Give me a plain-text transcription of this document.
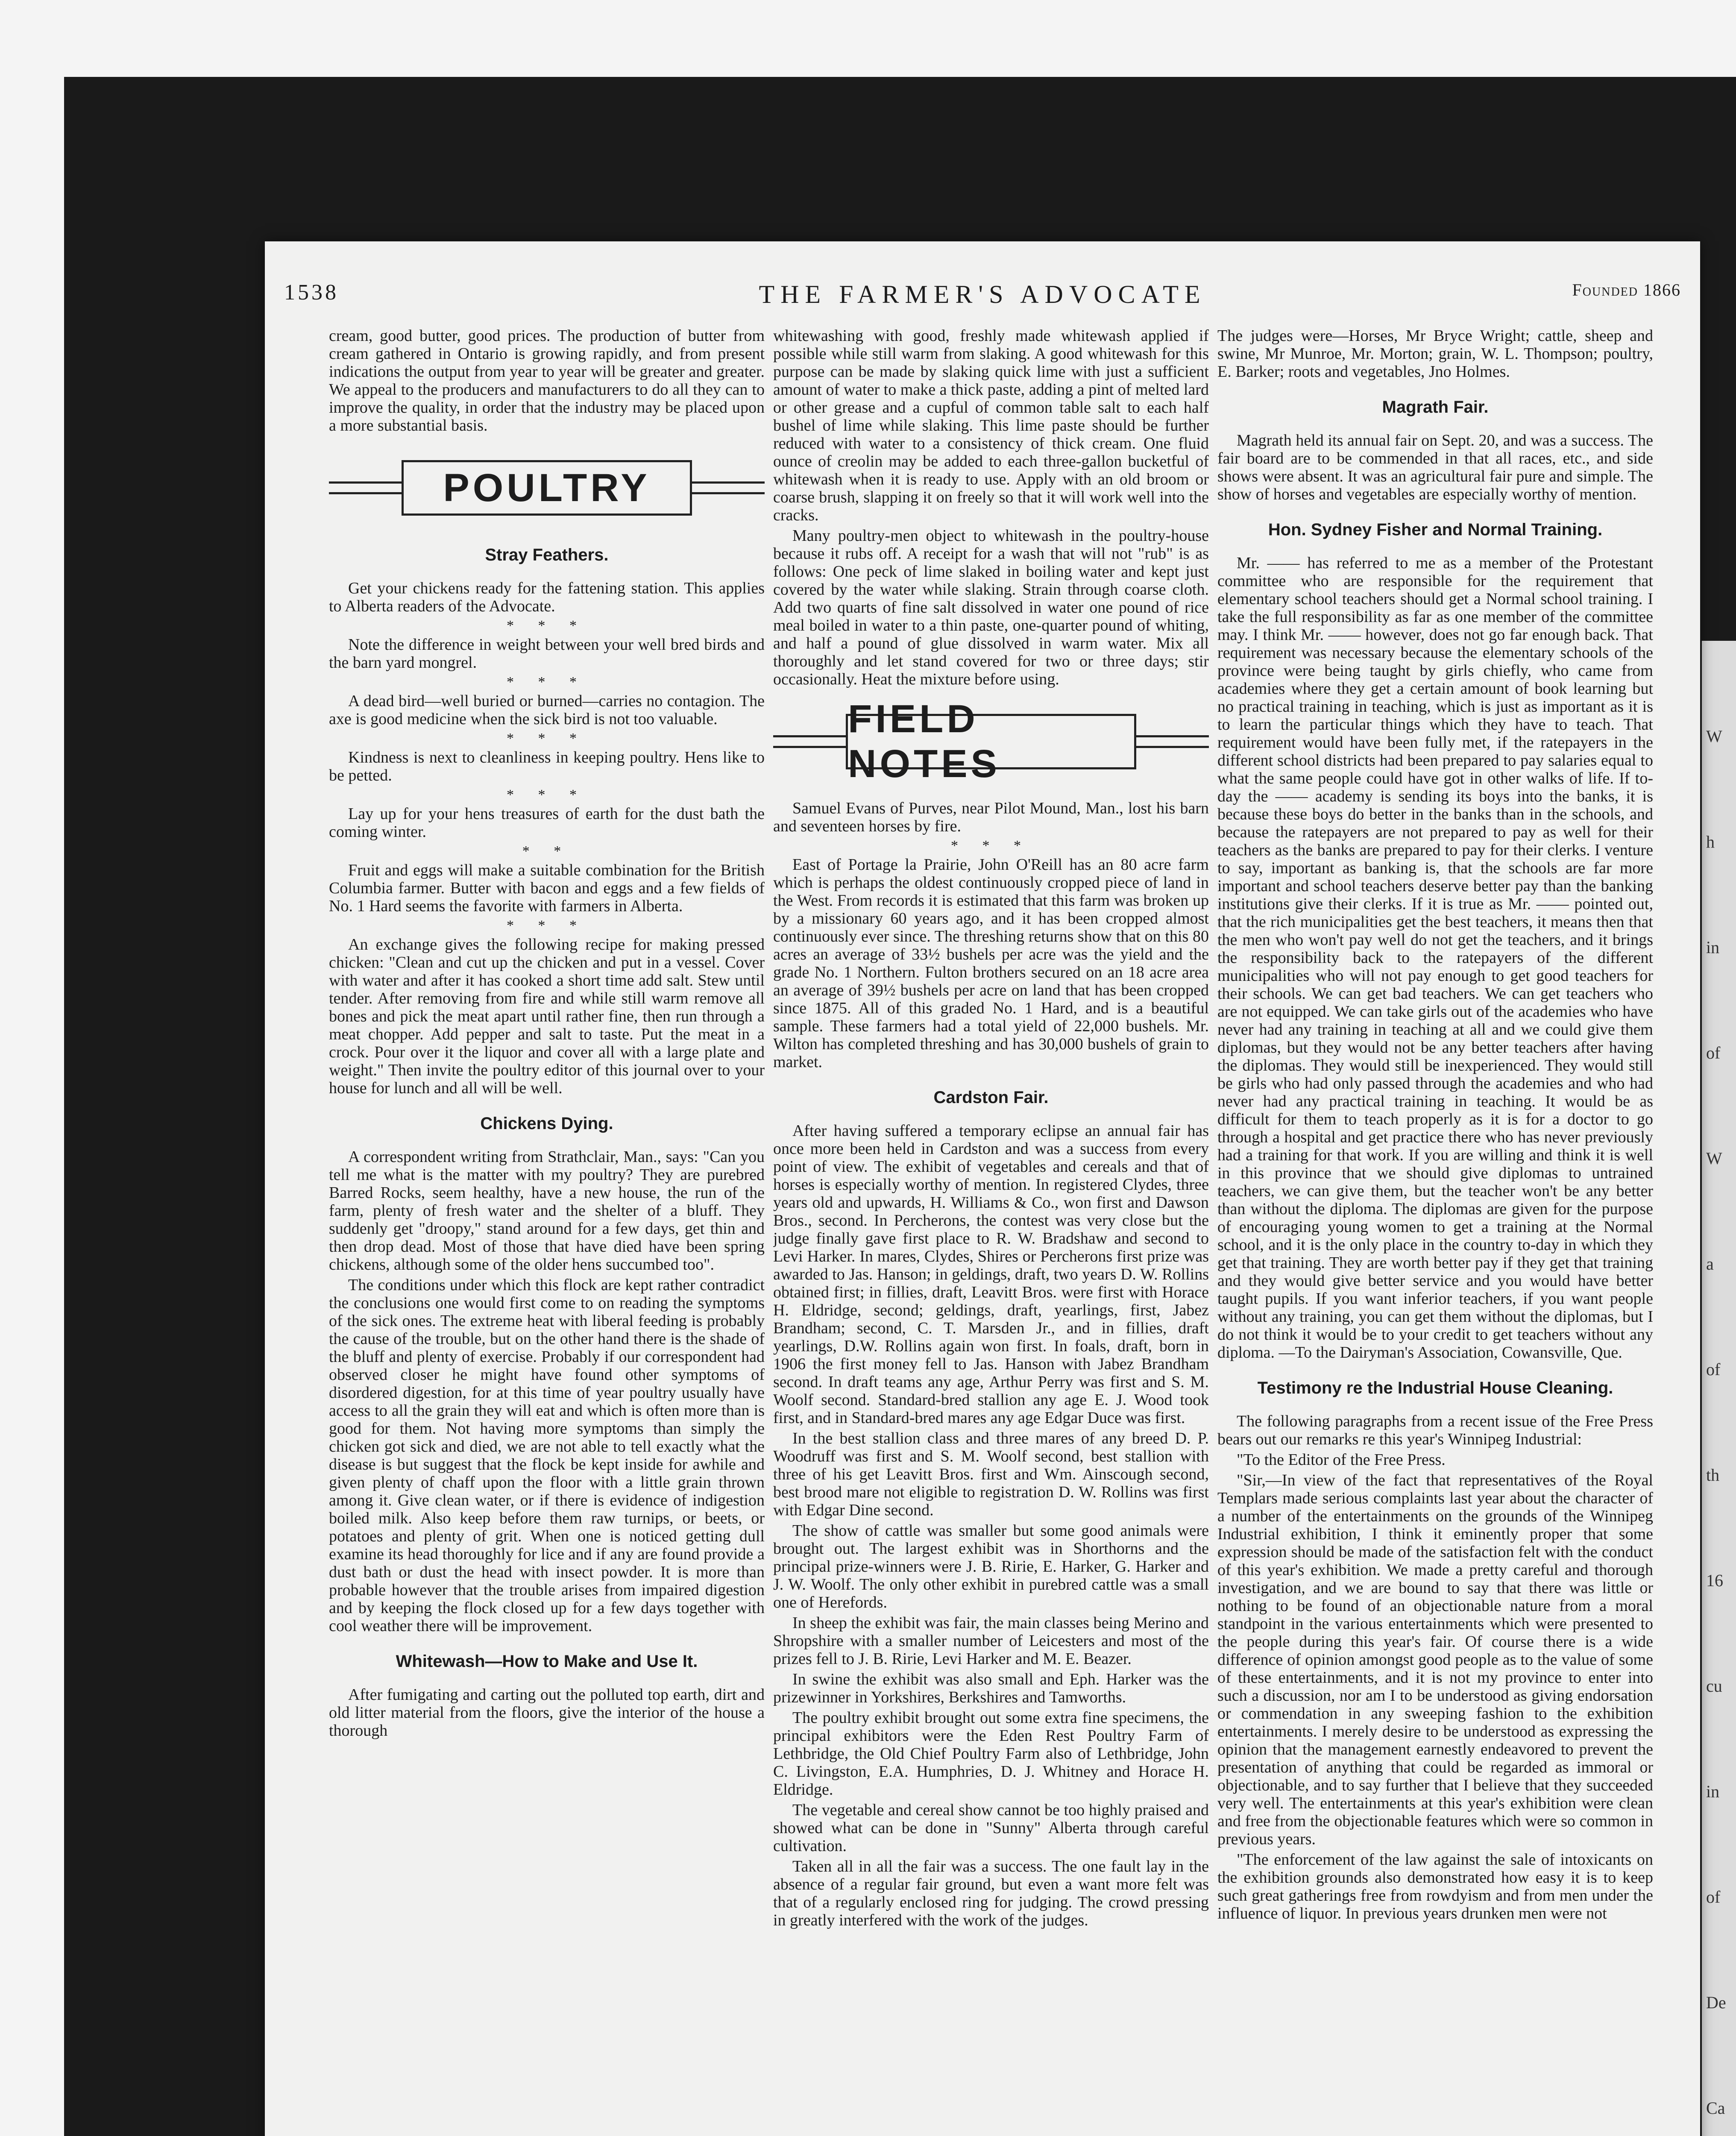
W
h
in
of
W
a
of
th
16
cu
in
of
De
Ca
THE FARMER'S ADVOCATE
1538	Founded 1866

cream, good butter, good prices. The production of butter from cream gathered in Ontario is growing rapidly, and from present indications the output from year to year will be greater and greater. We appeal to the producers and manufacturers to do all they can to improve the quality, in order that the industry may be placed upon a more substantial basis.

POULTRY
Stray Feathers.

Get your chickens ready for the fattening station. This applies to Alberta readers of the Advocate.

* * *

Note the difference in weight between your well bred birds and the barn yard mongrel.

* * *

A dead bird—well buried or burned—carries no contagion. The axe is good medicine when the sick bird is not too valuable.

* * *

Kindness is next to cleanliness in keeping poultry. Hens like to be petted.

* * *

Lay up for your hens treasures of earth for the dust bath the coming winter.

* *

Fruit and eggs will make a suitable combination for the British Columbia farmer. Butter with bacon and eggs and a few fields of No. 1 Hard seems the favorite with farmers in Alberta.

* * *

An exchange gives the following recipe for making pressed chicken: "Clean and cut up the chicken and put in a vessel. Cover with water and after it has cooked a short time add salt. Stew until tender. After removing from fire and while still warm remove all bones and pick the meat apart until rather fine, then run through a meat chopper. Add pepper and salt to taste. Put the meat in a crock. Pour over it the liquor and cover all with a large plate and weight." Then invite the poultry editor of this journal over to your house for lunch and all will be well.

Chickens Dying.

A correspondent writing from Strathclair, Man., says: "Can you tell me what is the matter with my poultry? They are purebred Barred Rocks, seem healthy, have a new house, the run of the farm, plenty of fresh water and the shelter of a bluff. They suddenly get "droopy," stand around for a few days, get thin and then drop dead. Most of those that have died have been spring chickens, although some of the older hens succumbed too".

The conditions under which this flock are kept rather contradict the conclusions one would first come to on reading the symptoms of the sick ones. The extreme heat with liberal feeding is probably the cause of the trouble, but on the other hand there is the shade of the bluff and plenty of exercise. Probably if our correspondent had observed closer he might have found other symptoms of disordered digestion, for at this time of year poultry usually have access to all the grain they will eat and which is often more than is good for them. Not having more symptoms than simply the chicken got sick and died, we are not able to tell exactly what the disease is but suggest that the flock be kept inside for awhile and given plenty of chaff upon the floor with a little grain thrown among it. Give clean water, or if there is evidence of indigestion boiled milk. Also keep before them raw turnips, or beets, or potatoes and plenty of grit. When one is noticed getting dull examine its head thoroughly for lice and if any are found provide a dust bath or dust the head with insect powder. It is more than probable however that the trouble arises from impaired digestion and by keeping the flock closed up for a few days together with cool weather there will be improvement.

Whitewash—How to Make and Use It.

After fumigating and carting out the polluted top earth, dirt and old litter material from the floors, give the interior of the house a thorough

whitewashing with good, freshly made whitewash applied if possible while still warm from slaking. A good whitewash for this purpose can be made by slaking quick lime with just a sufficient amount of water to make a thick paste, adding a pint of melted lard or other grease and a cupful of common table salt to each half bushel of lime while slaking. This lime paste should be further reduced with water to a consistency of thick cream. One fluid ounce of creolin may be added to each three-gallon bucketful of whitewash when it is ready to use. Apply with an old broom or coarse brush, slapping it on freely so that it will work well into the cracks.

Many poultry-men object to whitewash in the poultry-house because it rubs off. A receipt for a wash that will not "rub" is as follows: One peck of lime slaked in boiling water and kept just covered by the water while slaking. Strain through coarse cloth. Add two quarts of fine salt dissolved in water one pound of rice meal boiled in water to a thin paste, one-quarter pound of whiting, and half a pound of glue dissolved in warm water. Mix all thoroughly and let stand covered for two or three days; stir occasionally. Heat the mixture before using.

FIELD NOTES

Samuel Evans of Purves, near Pilot Mound, Man., lost his barn and seventeen horses by fire.

* * *

East of Portage la Prairie, John O'Reill has an 80 acre farm which is perhaps the oldest continuously cropped piece of land in the West. From records it is estimated that this farm was broken up by a missionary 60 years ago, and it has been cropped almost continuously ever since. The threshing returns show that on this 80 acres an average of 33½ bushels per acre was the yield and the grade No. 1 Northern. Fulton brothers secured on an 18 acre area an average of 39½ bushels per acre on land that has been cropped since 1875. All of this graded No. 1 Hard, and is a beautiful sample. These farmers had a total yield of 22,000 bushels. Mr. Wilton has completed threshing and has 30,000 bushels of grain to market.

Cardston Fair.

After having suffered a temporary eclipse an annual fair has once more been held in Cardston and was a success from every point of view. The exhibit of vegetables and cereals and that of horses is especially worthy of mention. In registered Clydes, three years old and upwards, H. Williams & Co., won first and Dawson Bros., second. In Percherons, the contest was very close but the judge finally gave first place to R. W. Bradshaw and second to Levi Harker. In mares, Clydes, Shires or Percherons first prize was awarded to Jas. Hanson; in geldings, draft, two years D. W. Rollins obtained first; in fillies, draft, Leavitt Bros. were first with Horace H. Eldridge, second; geldings, draft, yearlings, first, Jabez Brandham; second, C. T. Marsden Jr., and in fillies, draft yearlings, D.W. Rollins again won first. In foals, draft, born in 1906 the first money fell to Jas. Hanson with Jabez Brandham second. In draft teams any age, Arthur Perry was first and S. M. Woolf second. Standard-bred stallion any age E. J. Wood took first, and in Standard-bred mares any age Edgar Duce was first.

In the best stallion class and three mares of any breed D. P. Woodruff was first and S. M. Woolf second, best stallion with three of his get Leavitt Bros. first and Wm. Ainscough second, best brood mare not eligible to registration D. W. Rollins was first with Edgar Dine second.

The show of cattle was smaller but some good animals were brought out. The largest exhibit was in Shorthorns and the principal prize-winners were J. B. Ririe, E. Harker, G. Harker and J. W. Woolf. The only other exhibit in purebred cattle was a small one of Herefords.

In sheep the exhibit was fair, the main classes being Merino and Shropshire with a smaller number of Leicesters and most of the prizes fell to J. B. Ririe, Levi Harker and M. E. Beazer.

In swine the exhibit was also small and Eph. Harker was the prizewinner in Yorkshires, Berkshires and Tamworths.

The poultry exhibit brought out some extra fine specimens, the principal exhibitors were the Eden Rest Poultry Farm of Lethbridge, the Old Chief Poultry Farm also of Lethbridge, John C. Livingston, E.A. Humphries, D. J. Whitney and Horace H. Eldridge.

The vegetable and cereal show cannot be too highly praised and showed what can be done in "Sunny" Alberta through careful cultivation.

Taken all in all the fair was a success. The one fault lay in the absence of a regular fair ground, but even a want more felt was that of a regularly enclosed ring for judging. The crowd pressing in greatly interfered with the work of the judges.

The judges were—Horses, Mr Bryce Wright; cattle, sheep and swine, Mr Munroe, Mr. Morton; grain, W. L. Thompson; poultry, E. Barker; roots and vegetables, Jno Holmes.

Magrath Fair.

Magrath held its annual fair on Sept. 20, and was a success. The fair board are to be commended in that all races, etc., and side shows were absent. It was an agricultural fair pure and simple. The show of horses and vegetables are especially worthy of mention.

Hon. Sydney Fisher and Normal Training.

Mr. —— has referred to me as a member of the Protestant committee who are responsible for the requirement that elementary school teachers should get a Normal school training. I take the full responsibility as far as one member of the committee may. I think Mr. —— however, does not go far enough back. That requirement was necessary because the elementary schools of the province were being taught by girls chiefly, who came from academies where they get a certain amount of book learning but no practical training in teaching, which is just as important as it is to learn the particular things which they have to teach. That requirement would have been fully met, if the ratepayers in the different school districts had been prepared to pay salaries equal to what the same people could have got in other walks of life. If to-day the —— academy is sending its boys into the banks, it is because these boys do better in the banks than in the schools, and because the ratepayers are not prepared to pay as well for their teachers as the banks are prepared to pay for their clerks. I venture to say, important as banking is, that the schools are far more important and school teachers deserve better pay than the banking institutions give their clerks. If it is true as Mr. —— pointed out, that the rich municipalities get the best teachers, it means then that the men who won't pay well do not get the teachers, and it brings the responsibility back to the ratepayers of the different municipalities who will not pay enough to get good teachers for their schools. We can get bad teachers. We can get teachers who are not equipped. We can take girls out of the academies who have never had any training in teaching at all and we could give them diplomas, but they would not be any better teachers after having the diplomas. They would still be inexperienced. They would still be girls who had only passed through the academies and who had never had any practical training in teaching. It would be as difficult for them to teach properly as it is for a doctor to go through a hospital and get practice there who has never previously had a training for that work. If you are willing and think it is well in this province that we should give diplomas to untrained teachers, we can give them, but the teacher won't be any better than without the diploma. The diplomas are given for the purpose of encouraging young women to get a training at the Normal school, and it is the only place in the country to-day in which they get that training. They are worth better pay if they get that training and they would give better service and you would have better taught pupils. If you want inferior teachers, if you want people without any training, you can get them without the diplomas, but I do not think it would be to your credit to get teachers without any diploma. —To the Dairyman's Association, Cowansville, Que.

Testimony re the Industrial House Cleaning.

The following paragraphs from a recent issue of the Free Press bears out our remarks re this year's Winnipeg Industrial:

"To the Editor of the Free Press.

"Sir,—In view of the fact that representatives of the Royal Templars made serious complaints last year about the character of a number of the entertainments on the grounds of the Winnipeg Industrial exhibition, I think it eminently proper that some expression should be made of the satisfaction felt with the conduct of this year's exhibition. We made a pretty careful and thorough investigation, and we are bound to say that there was little or nothing to be found of an objectionable nature from a moral standpoint in the various entertainments which were presented to the people during this year's fair. Of course there is a wide difference of opinion amongst good people as to the value of some of these entertainments, and it is not my province to enter into such a discussion, nor am I to be understood as giving endorsation or commendation in any sweeping fashion to the exhibition entertainments. I merely desire to be understood as expressing the opinion that the management earnestly endeavored to prevent the presentation of anything that could be regarded as immoral or objectionable, and to say further that I believe that they succeeded very well. The entertainments at this year's exhibition were clean and free from the objectionable features which were so common in previous years.

"The enforcement of the law against the sale of intoxicants on the exhibition grounds also demonstrated how easy it is to keep such great gatherings free from rowdyism and from men under the influence of liquor. In previous years drunken men were not
